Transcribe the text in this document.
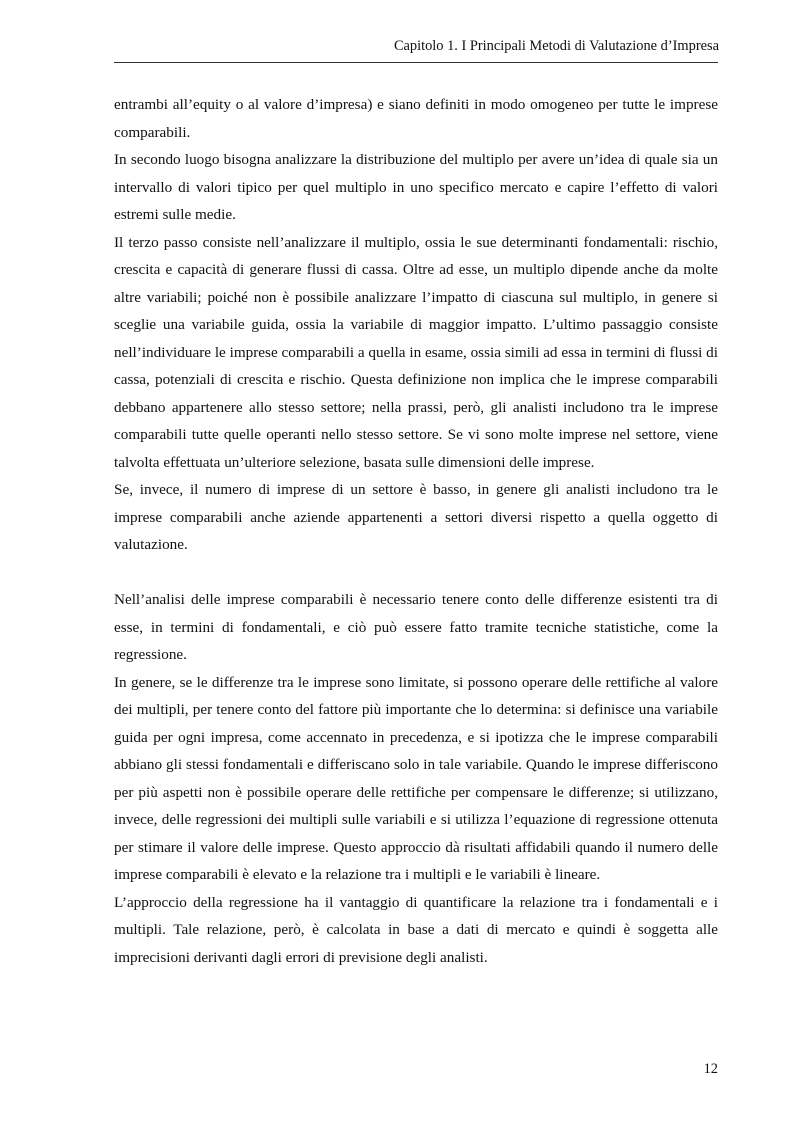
Capitolo 1. I Principali Metodi di Valutazione d’Impresa

entrambi all’equity o al valore d’impresa) e siano definiti in modo omogeneo per tutte le imprese comparabili.

In secondo luogo bisogna analizzare la distribuzione del multiplo per avere un’idea di quale sia un intervallo di valori tipico per quel multiplo in uno specifico mercato e capire l’effetto di valori estremi sulle medie.

Il terzo passo consiste nell’analizzare il multiplo, ossia le sue determinanti fondamentali: rischio, crescita e capacità di generare flussi di cassa. Oltre ad esse, un multiplo dipende anche da molte altre variabili; poiché non è possibile analizzare l’impatto di ciascuna sul multiplo, in genere si sceglie una variabile guida, ossia la variabile di maggior impatto. L’ultimo passaggio consiste nell’individuare le imprese comparabili a quella in esame, ossia simili ad essa in termini di flussi di cassa, potenziali di crescita e rischio. Questa definizione non implica che le imprese comparabili debbano appartenere allo stesso settore; nella prassi, però, gli analisti includono tra le imprese comparabili tutte quelle operanti nello stesso settore. Se vi sono molte imprese nel settore, viene talvolta effettuata un’ulteriore selezione, basata sulle dimensioni delle imprese.

Se, invece, il numero di imprese di un settore è basso, in genere gli analisti includono tra le imprese comparabili anche aziende appartenenti a settori diversi rispetto a quella oggetto di valutazione.

Nell’analisi delle imprese comparabili è necessario tenere conto delle differenze esistenti tra di esse, in termini di fondamentali, e ciò può essere fatto tramite tecniche statistiche, come la regressione.

In genere, se le differenze tra le imprese sono limitate, si possono operare delle rettifiche al valore dei multipli, per tenere conto del fattore più importante che lo determina: si definisce una variabile guida per ogni impresa, come accennato in precedenza, e si ipotizza che le imprese comparabili abbiano gli stessi fondamentali e differiscano solo in tale variabile. Quando le imprese differiscono per più aspetti non è possibile operare delle rettifiche per compensare le differenze; si utilizzano, invece, delle regressioni dei multipli sulle variabili e si utilizza l’equazione di regressione ottenuta per stimare il valore delle imprese. Questo approccio dà risultati affidabili quando il numero delle imprese comparabili è elevato e la relazione tra i multipli e le variabili è lineare.

L’approccio della regressione ha il vantaggio di quantificare la relazione tra i fondamentali e i multipli. Tale relazione, però, è calcolata in base a dati di mercato e quindi è soggetta alle imprecisioni derivanti dagli errori di previsione degli analisti.

12
